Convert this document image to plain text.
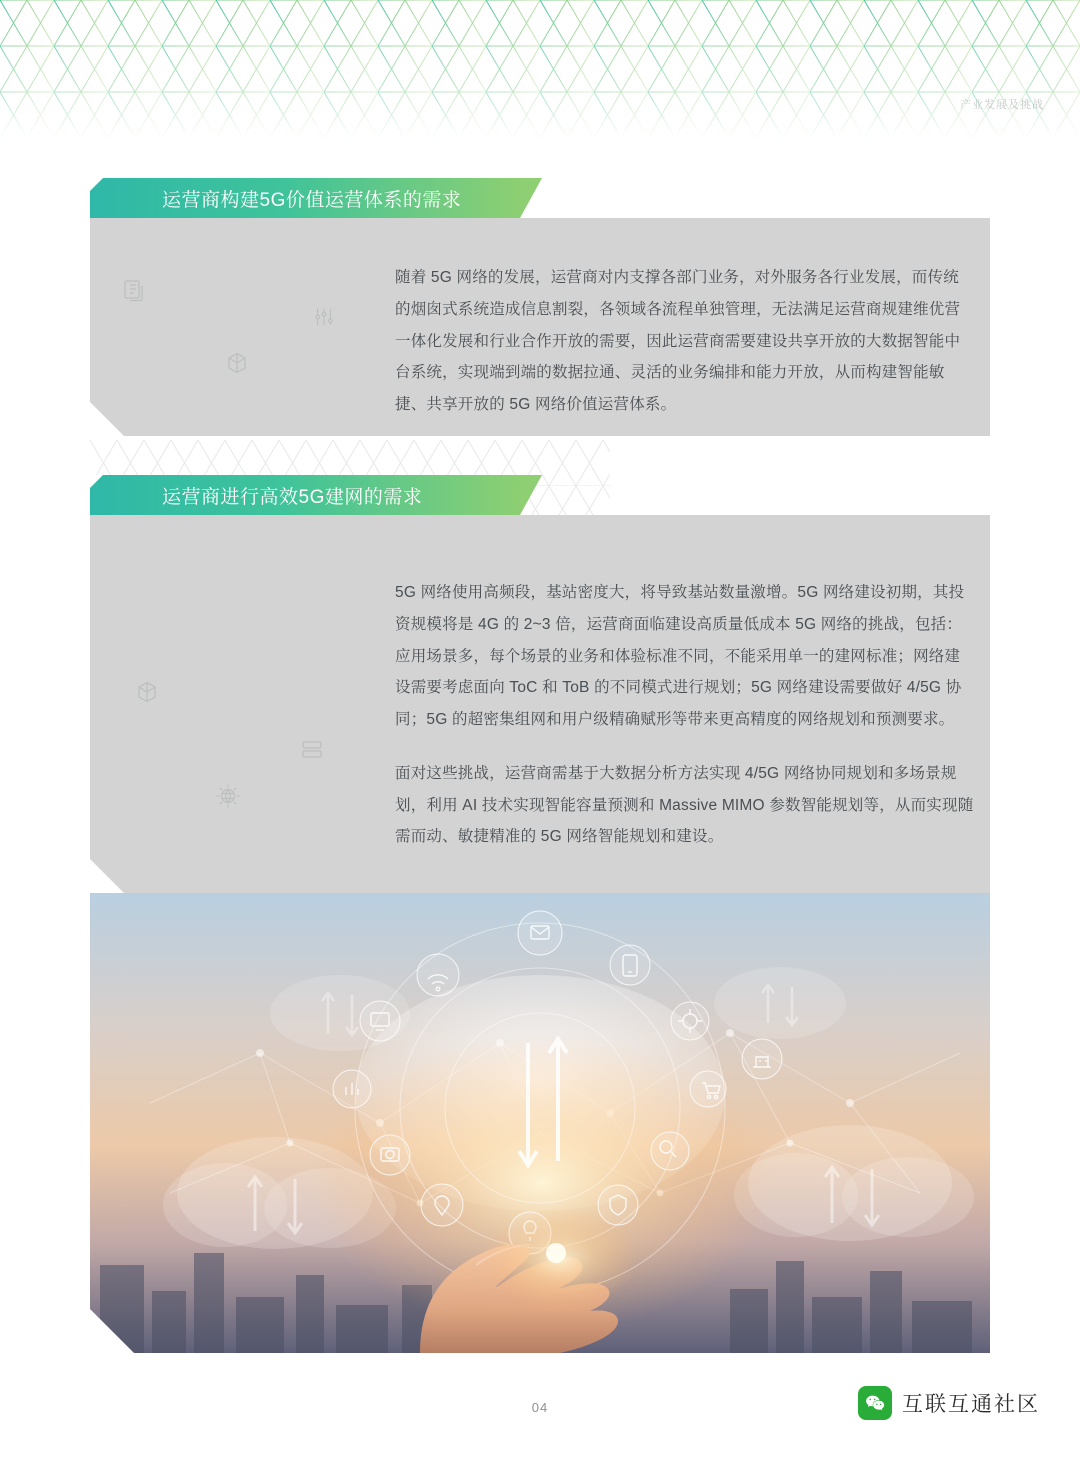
产业发展及挑战
运营商构建5G价值运营体系的需求

随着 5G 网络的发展，运营商对内支撑各部门业务，对外服务各行业发展，而传统的烟囱式系统造成信息割裂，各领域各流程单独管理，无法满足运营商规建维优营一体化发展和行业合作开放的需要，因此运营商需要建设共享开放的大数据智能中台系统，实现端到端的数据拉通、灵活的业务编排和能力开放，从而构建智能敏捷、共享开放的 5G 网络价值运营体系。

运营商进行高效5G建网的需求

5G 网络使用高频段，基站密度大，将导致基站数量激增。5G 网络建设初期，其投资规模将是 4G 的 2~3 倍，运营商面临建设高质量低成本 5G 网络的挑战，包括：应用场景多，每个场景的业务和体验标准不同，不能采用单一的建网标准；网络建设需要考虑面向 ToC 和 ToB 的不同模式进行规划；5G 网络建设需要做好 4/5G 协同；5G 的超密集组网和用户级精确赋形等带来更高精度的网络规划和预测要求。

面对这些挑战，运营商需基于大数据分析方法实现 4/5G 网络协同规划和多场景规划，利用 AI 技术实现智能容量预测和 Massive MIMO 参数智能规划等，从而实现随需而动、敏捷精准的 5G 网络智能规划和建设。

04	互联互通社区
